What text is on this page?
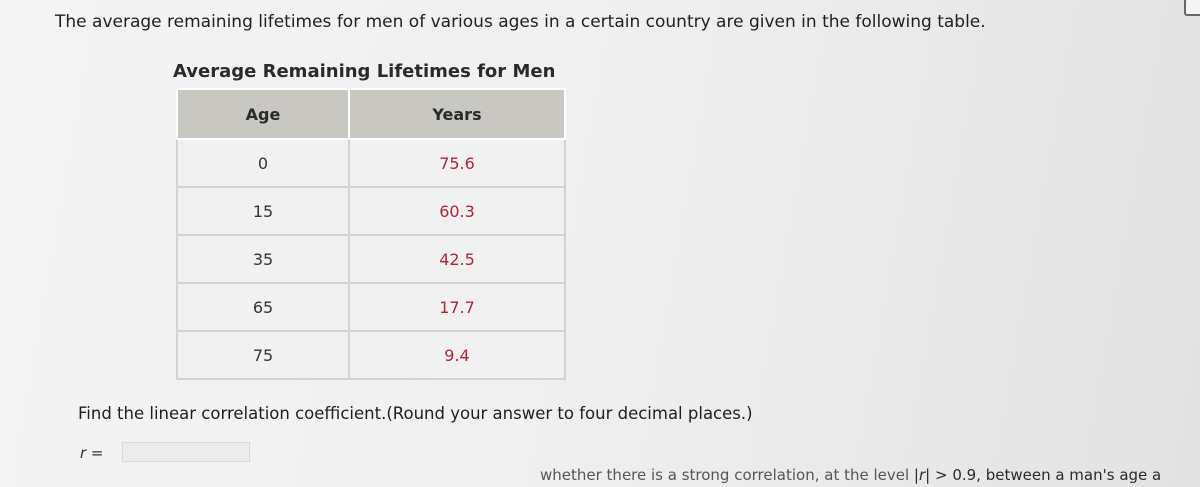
The average remaining lifetimes for men of various ages in a certain country are given in the following table.
Average Remaining Lifetimes for Men
Age	Years
0	75.6
15	60.3
35	42.5
65	17.7
75	9.4
Find the linear correlation coefficient.(Round your answer to four decimal places.)
r =
whether there is a strong correlation, at the level |r| > 0.9, between a man's age a
